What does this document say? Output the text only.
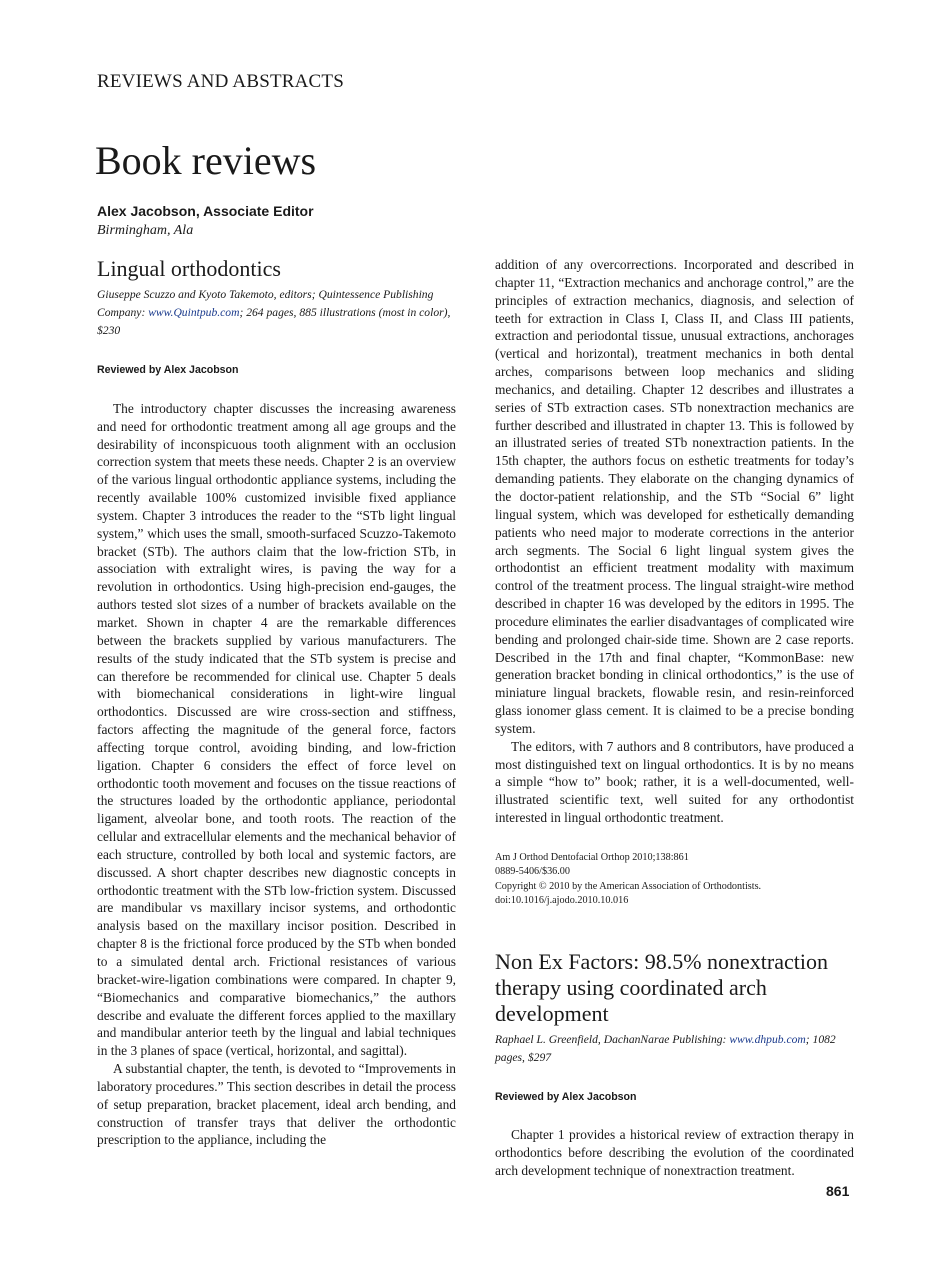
REVIEWS AND ABSTRACTS
Book reviews
Alex Jacobson, Associate Editor
Birmingham, Ala
Lingual orthodontics

Giuseppe Scuzzo and Kyoto Takemoto, editors; Quintessence Publishing Company: www.Quintpub.com; 264 pages, 885 illustrations (most in color), $230

Reviewed by Alex Jacobson

The introductory chapter discusses the increasing awareness and need for orthodontic treatment among all age groups and the desirability of inconspicuous tooth alignment with an occlusion correction system that meets these needs. Chapter 2 is an overview of the various lingual orthodontic appliance systems, including the recently available 100% customized invisible fixed appliance system. Chapter 3 introduces the reader to the “STb light lingual system,” which uses the small, smooth-surfaced Scuzzo-Takemoto bracket (STb). The authors claim that the low-friction STb, in association with extralight wires, is paving the way for a revolution in orthodontics. Using high-precision end-gauges, the authors tested slot sizes of a number of brackets available on the market. Shown in chapter 4 are the remarkable differences between the brackets supplied by various manufacturers. The results of the study indicated that the STb system is precise and can therefore be recommended for clinical use. Chapter 5 deals with biomechanical considerations in light-wire lingual orthodontics. Discussed are wire cross-section and stiffness, factors affecting the magnitude of the general force, factors affecting torque control, avoiding binding, and low-friction ligation. Chapter 6 considers the effect of force level on orthodontic tooth movement and focuses on the tissue reactions of the structures loaded by the orthodontic appliance, periodontal ligament, alveolar bone, and tooth roots. The reaction of the cellular and extracellular elements and the mechanical behavior of each structure, controlled by both local and systemic factors, are discussed. A short chapter describes new diagnostic concepts in orthodontic treatment with the STb low-friction system. Discussed are mandibular vs maxillary incisor systems, and orthodontic analysis based on the maxillary incisor position. Described in chapter 8 is the frictional force produced by the STb when bonded to a simulated dental arch. Frictional resistances of various bracket-wire-ligation combinations were compared. In chapter 9, “Biomechanics and comparative biomechanics,” the authors describe and evaluate the different forces applied to the maxillary and mandibular anterior teeth by the lingual and labial techniques in the 3 planes of space (vertical, horizontal, and sagittal).

A substantial chapter, the tenth, is devoted to “Improvements in laboratory procedures.” This section describes in detail the process of setup preparation, bracket placement, ideal arch bending, and construction of transfer trays that deliver the orthodontic prescription to the appliance, including the

addition of any overcorrections. Incorporated and described in chapter 11, “Extraction mechanics and anchorage control,” are the principles of extraction mechanics, diagnosis, and selection of teeth for extraction in Class I, Class II, and Class III patients, extraction and periodontal tissue, unusual extractions, anchorages (vertical and horizontal), treatment mechanics in both dental arches, comparisons between loop mechanics and sliding mechanics, and detailing. Chapter 12 describes and illustrates a series of STb extraction cases. STb nonextraction mechanics are further described and illustrated in chapter 13. This is followed by an illustrated series of treated STb nonextraction patients. In the 15th chapter, the authors focus on esthetic treatments for today’s demanding patients. They elaborate on the changing dynamics of the doctor-patient relationship, and the STb “Social 6” light lingual system, which was developed for esthetically demanding patients who need major to moderate corrections in the anterior arch segments. The Social 6 light lingual system gives the orthodontist an efficient treatment modality with maximum control of the treatment process. The lingual straight-wire method described in chapter 16 was developed by the editors in 1995. The procedure eliminates the earlier disadvantages of complicated wire bending and prolonged chair-side time. Shown are 2 case reports. Described in the 17th and final chapter, “KommonBase: new generation bracket bonding in clinical orthodontics,” is the use of miniature lingual brackets, flowable resin, and resin-reinforced glass ionomer glass cement. It is claimed to be a precise bonding system.

The editors, with 7 authors and 8 contributors, have produced a most distinguished text on lingual orthodontics. It is by no means a simple “how to” book; rather, it is a well-documented, well-illustrated scientific text, well suited for any orthodontist interested in lingual orthodontic treatment.

Am J Orthod Dentofacial Orthop 2010;138:861
0889-5406/$36.00
Copyright © 2010 by the American Association of Orthodontists.
doi:10.1016/j.ajodo.2010.10.016
Non Ex Factors: 98.5% nonextraction therapy using coordinated arch development

Raphael L. Greenfield, DachanNarae Publishing: www.dhpub.com; 1082 pages, $297

Reviewed by Alex Jacobson

Chapter 1 provides a historical review of extraction therapy in orthodontics before describing the evolution of the coordinated arch development technique of nonextraction treatment.

861
